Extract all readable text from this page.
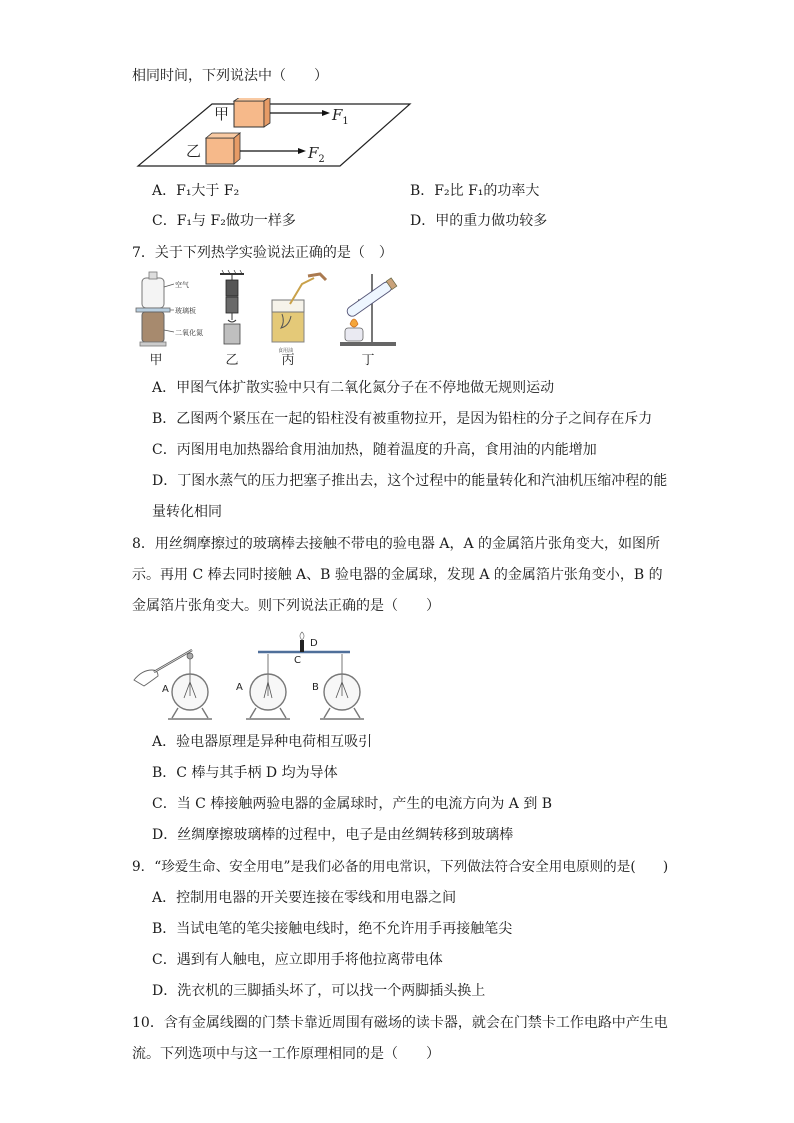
相同时间，下列说法中（　　）
甲	$F_1$
乙	$F_2$
A．F₁大于 F₂	B．F₂比 F₁的功率大
C．F₁与 F₂做功一样多	D．甲的重力做功较多
7．关于下列热学实验说法正确的是（　）
空气
玻璃板
二氧化氮
食用油
甲	乙	丙	丁
A．甲图气体扩散实验中只有二氧化氮分子在不停地做无规则运动
B．乙图两个紧压在一起的铅柱没有被重物拉开，是因为铅柱的分子之间存在斥力
C．丙图用电加热器给食用油加热，随着温度的升高，食用油的内能增加
D．丁图水蒸气的压力把塞子推出去，这个过程中的能量转化和汽油机压缩冲程的能
量转化相同
8．用丝绸摩擦过的玻璃棒去接触不带电的验电器 A，A 的金属箔片张角变大，如图所
示。再用 C 棒去同时接触 A、B 验电器的金属球，发现 A 的金属箔片张角变小，B 的
金属箔片张角变大。则下列说法正确的是（　　）
A
D
C
A	B
A．验电器原理是异种电荷相互吸引
B．C 棒与其手柄 D 均为导体
C．当 C 棒接触两验电器的金属球时，产生的电流方向为 A 到 B
D．丝绸摩擦玻璃棒的过程中，电子是由丝绸转移到玻璃棒
9．“珍爱生命、安全用电”是我们必备的用电常识，下列做法符合安全用电原则的是(　　)
A．控制用电器的开关要连接在零线和用电器之间
B．当试电笔的笔尖接触电线时，绝不允许用手再接触笔尖
C．遇到有人触电，应立即用手将他拉离带电体
D．洗衣机的三脚插头坏了，可以找一个两脚插头换上
10．含有金属线圈的门禁卡靠近周围有磁场的读卡器，就会在门禁卡工作电路中产生电
流。下列选项中与这一工作原理相同的是（　　）
